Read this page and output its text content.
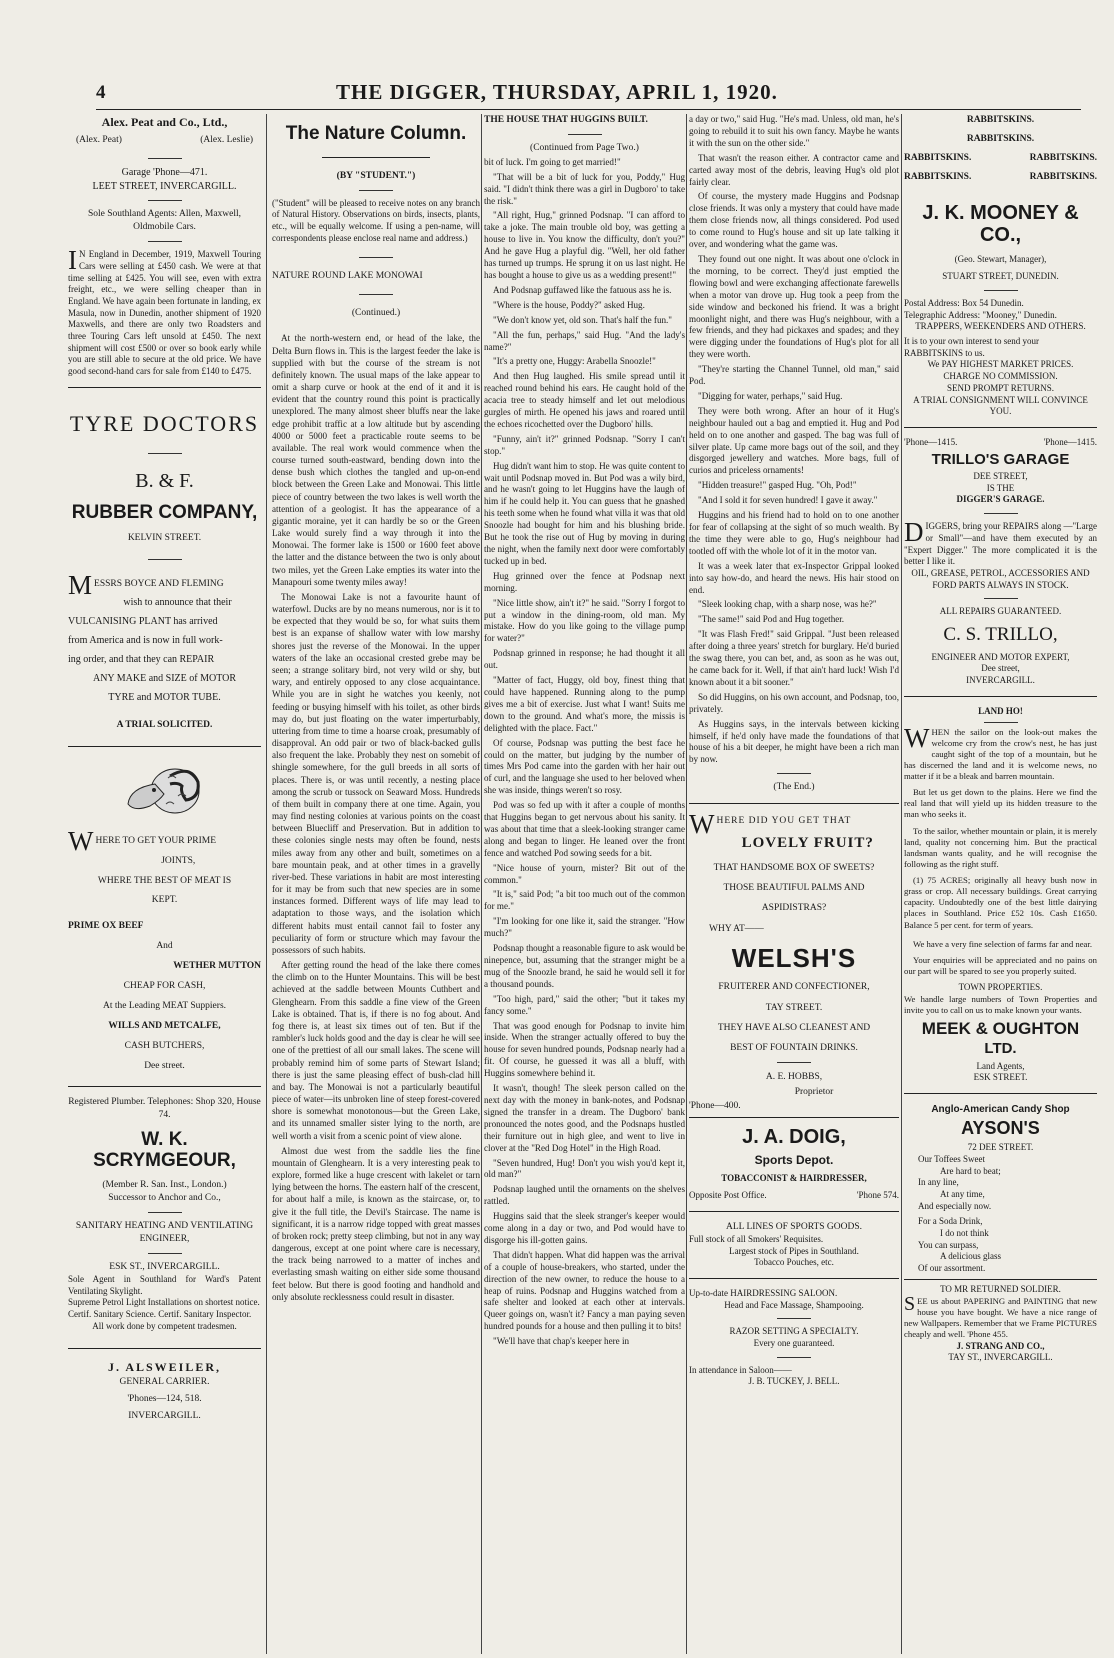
4	THE DIGGER, THURSDAY, APRIL 1, 1920.
Alex. Peat and Co., Ltd.,
(Alex. Peat)	(Alex. Leslie)
Garage 'Phone—471.
LEET STREET, INVERCARGILL.
Sole Southland Agents: Allen, Maxwell, Oldmobile Cars.
I N England in December, 1919, Maxwell Touring Cars were selling at £450 cash. We were at that time selling at £425. You will see, even with extra freight, etc., we were selling cheaper than in England. We have again been fortunate in landing, ex Masula, now in Dunedin, another shipment of 1920 Maxwells, and there are only two Roadsters and three Touring Cars left unsold at £450. The next shipment will cost £500 or over so book early while you are still able to secure at the old price. We have good second-hand cars for sale from £140 to £475.
TYRE DOCTORS
B. & F.
RUBBER COMPANY,
KELVIN STREET.
MESSRS BOYCE AND FLEMING
wish to announce that their
VULCANISING PLANT has arrived
from America and is now in full work-
ing order, and that they can REPAIR
ANY MAKE and SIZE of MOTOR
TYRE and MOTOR TUBE.
A TRIAL SOLICITED.
WHERE TO GET YOUR PRIME
JOINTS,
WHERE THE BEST OF MEAT IS
KEPT.
PRIME OX BEEF
And
WETHER MUTTON
CHEAP FOR CASH,
At the Leading MEAT Suppiers.
WILLS AND METCALFE,
CASH BUTCHERS,
Dee street.
Registered Plumber. Telephones: Shop 320, House 74.
W. K. SCRYMGEOUR,
(Member R. San. Inst., London.)
Successor to Anchor and Co.,
SANITARY HEATING AND VENTILATING ENGINEER,
ESK ST., INVERCARGILL.
Sole Agent in Southland for Ward's Patent Ventilating Skylight.
Supreme Petrol Light Installations on shortest notice.
Certif. Sanitary Science. Certif. Sanitary Inspector.
All work done by competent tradesmen.
J. ALSWEILER,
GENERAL CARRIER.
'Phones—124, 518.
INVERCARGILL.
The Nature Column.
(BY "STUDENT.")
("Student" will be pleased to receive notes on any branch of Natural History. Observations on birds, insects, plants, etc., will be equally welcome. If using a pen-name, will correspondents please enclose real name and address.)
NATURE ROUND LAKE MONOWAI
(Continued.)

At the north-western end, or head of the lake, the Delta Burn flows in. This is the largest feeder the lake is supplied with but the course of the stream is not definitely known. The usual maps of the lake appear to omit a sharp curve or hook at the end of it and it is evident that the country round this point is practically unexplored. The many almost sheer bluffs near the lake edge prohibit traffic at a low altitude but by ascending 4000 or 5000 feet a practicable route seems to be available. The real work would commence when the course turned south-eastward, bending down into the dense bush which clothes the tangled and up-on-end block between the Green Lake and Monowai. This little piece of country between the two lakes is well worth the attention of a geologist. It has the appearance of a gigantic moraine, yet it can hardly be so or the Green Lake would surely find a way through it into the Monowai. The former lake is 1500 or 1600 feet above the latter and the distance between the two is only about two miles, yet the Green Lake empties its water into the Manapouri some twenty miles away!

The Monowai Lake is not a favourite haunt of waterfowl. Ducks are by no means numerous, nor is it to be expected that they would be so, for what suits them best is an expanse of shallow water with low marshy shores just the reverse of the Monowai. In the upper waters of the lake an occasional crested grebe may be seen; a strange solitary bird, not very wild or shy, but wary, and entirely opposed to any close acquaintance. While you are in sight he watches you keenly, not feeding or busying himself with his toilet, as other birds may do, but just floating on the water imperturbably, uttering from time to time a hoarse croak, presumably of disapproval. An odd pair or two of black-backed gulls also frequent the lake. Probably they nest on somebit of shingle somewhere, for the gull breeds in all sorts of places. There is, or was until recently, a nesting place among the scrub or tussock on Seaward Moss. Hundreds of them built in company there at one time. Again, you may find nesting colonies at various points on the coast between Bluecliff and Preservation. But in addition to these colonies single nests may often be found, nests miles away from any other and built, sometimes on a bare mountain peak, and at other times in a gravelly river-bed. These variations in habit are most interesting for it may be from such that new species are in some instances formed. Different ways of life may lead to adaptation to those ways, and the isolation which different habits must entail cannot fail to foster any peculiarity of form or structure which may favour the possessors of such habits.

After getting round the head of the lake there comes the climb on to the Hunter Mountains. This will be best achieved at the saddle between Mounts Cuthbert and Glenghearn. From this saddle a fine view of the Green Lake is obtained. That is, if there is no fog about. And fog there is, at least six times out of ten. But if the rambler's luck holds good and the day is clear he will see one of the prettiest of all our small lakes. The scene will probably remind him of some parts of Stewart Island; there is just the same pleasing effect of bush-clad hill and bay. The Monowai is not a particularly beautiful piece of water—its unbroken line of steep forest-covered shore is somewhat monotonous—but the Green Lake, and its unnamed smaller sister lying to the north, are well worth a visit from a scenic point of view alone.

Almost due west from the saddle lies the fine mountain of Glenghearn. It is a very interesting peak to explore, formed like a huge crescent with lakelet or tarn lying between the horns. The eastern half of the crescent, for about half a mile, is known as the staircase, or, to give it the full title, the Devil's Staircase. The name is significant, it is a narrow ridge topped with great masses of broken rock; pretty steep climbing, but not in any way dangerous, except at one point where care is necessary, the track being narrowed to a matter of inches and everlasting smash waiting on either side some thousand feet below. But there is good footing and handhold and only absolute recklessness could result in disaster.

THE HOUSE THAT HUGGINS BUILT.
(Continued from Page Two.)

bit of luck. I'm going to get married!"

"That will be a bit of luck for you, Poddy," Hug said. "I didn't think there was a girl in Dugboro' to take the risk."

"All right, Hug," grinned Podsnap. "I can afford to take a joke. The main trouble old boy, was getting a house to live in. You know the difficulty, don't you?" And he gave Hug a playful dig. "Well, her old father has turned up trumps. He sprung it on us last night. He has bought a house to give us as a wedding present!"

And Podsnap guffawed like the fatuous ass he is.

"Where is the house, Poddy?" asked Hug.

"We don't know yet, old son. That's half the fun."

"All the fun, perhaps," said Hug. "And the lady's name?"

"It's a pretty one, Huggy: Arabella Snoozle!"

And then Hug laughed. His smile spread until it reached round behind his ears. He caught hold of the acacia tree to steady himself and let out melodious gurgles of mirth. He opened his jaws and roared until the echoes ricochetted over the Dugboro' hills.

"Funny, ain't it?" grinned Podsnap. "Sorry I can't stop."

Hug didn't want him to stop. He was quite content to wait until Podsnap moved in. But Pod was a wily bird, and he wasn't going to let Huggins have the laugh of him if he could help it. You can guess that he gnashed his teeth some when he found what villa it was that old Snoozle had bought for him and his blushing bride. But he took the rise out of Hug by moving in during the night, when the family next door were comfortably tucked up in bed.

Hug grinned over the fence at Podsnap next morning.

"Nice little show, ain't it?" he said. "Sorry I forgot to put a window in the dining-room, old man. My mistake. How do you like going to the village pump for water?"

Podsnap grinned in response; he had thought it all out.

"Matter of fact, Huggy, old boy, finest thing that could have happened. Running along to the pump gives me a bit of exercise. Just what I want! Suits me down to the ground. And what's more, the missis is delighted with the place. Fact."

Of course, Podsnap was putting the best face he could on the matter, but judging by the number of times Mrs Pod came into the garden with her hair out of curl, and the language she used to her beloved when she was inside, things weren't so rosy.

Pod was so fed up with it after a couple of months that Huggins began to get nervous about his sanity. It was about that time that a sleek-looking stranger came along and began to linger. He leaned over the front fence and watched Pod sowing seeds for a bit.

"Nice house of yourn, mister? Bit out of the common."

"It is," said Pod; "a bit too much out of the common for me."

"I'm looking for one like it, said the stranger. "How much?"

Podsnap thought a reasonable figure to ask would be ninepence, but, assuming that the stranger might be a mug of the Snoozle brand, he said he would sell it for a thousand pounds.

"Too high, pard," said the other; "but it takes my fancy some."

That was good enough for Podsnap to invite him inside. When the stranger actually offered to buy the house for seven hundred pounds, Podsnap nearly had a fit. Of course, he guessed it was all a bluff, with Huggins somewhere behind it.

It wasn't, though! The sleek person called on the next day with the money in bank-notes, and Podsnap signed the transfer in a dream. The Dugboro' bank pronounced the notes good, and the Podsnaps hustled their furniture out in high glee, and went to live in clover at the "Red Dog Hotel" in the High Road.

"Seven hundred, Hug! Don't you wish you'd kept it, old man?"

Podsnap laughed until the ornaments on the shelves rattled.

Huggins said that the sleek stranger's keeper would come along in a day or two, and Pod would have to disgorge his ill-gotten gains.

That didn't happen. What did happen was the arrival of a couple of house-breakers, who started, under the direction of the new owner, to reduce the house to a heap of ruins. Podsnap and Huggins watched from a safe shelter and looked at each other at intervals. Queer goings on, wasn't it? Fancy a man paying seven hundred pounds for a house and then pulling it to bits!

"We'll have that chap's keeper here in

a day or two," said Hug. "He's mad. Unless, old man, he's going to rebuild it to suit his own fancy. Maybe he wants it with the sun on the other side."

That wasn't the reason either. A contractor came and carted away most of the debris, leaving Hug's old plot fairly clear.

Of course, the mystery made Huggins and Podsnap close friends. It was only a mystery that could have made them close friends now, all things considered. Pod used to come round to Hug's house and sit up late talking it over, and wondering what the game was.

They found out one night. It was about one o'clock in the morning, to be correct. They'd just emptied the flowing bowl and were exchanging affectionate farewells when a motor van drove up. Hug took a peep from the side window and beckoned his friend. It was a bright moonlight night, and there was Hug's neighbour, with a few friends, and they had pickaxes and spades; and they were digging under the foundations of Hug's plot for all they were worth.

"They're starting the Channel Tunnel, old man," said Pod.

"Digging for water, perhaps," said Hug.

They were both wrong. After an hour of it Hug's neighbour hauled out a bag and emptied it. Hug and Pod held on to one another and gasped. The bag was full of silver plate. Up came more bags out of the soil, and they disgorged jewellery and watches. More bags, full of curios and priceless ornaments!

"Hidden treasure!" gasped Hug. "Oh, Pod!"

"And I sold it for seven hundred! I gave it away."

Huggins and his friend had to hold on to one another for fear of collapsing at the sight of so much wealth. By the time they were able to go, Hug's neighbour had tootled off with the whole lot of it in the motor van.

It was a week later that ex-Inspector Grippal looked into say how-do, and heard the news. His hair stood on end.

"Sleek looking chap, with a sharp nose, was he?"

"The same!" said Pod and Hug together.

"It was Flash Fred!" said Grippal. "Just been released after doing a three years' stretch for burglary. He'd buried the swag there, you can bet, and, as soon as he was out, he came back for it. Well, if that ain't hard luck! Wish I'd known about it a bit sooner."

So did Huggins, on his own account, and Podsnap, too, privately.

As Huggins says, in the intervals between kicking himself, if he'd only have made the foundations of that house of his a bit deeper, he might have been a rich man by now.

(The End.)
WHERE DID YOU GET THAT
LOVELY FRUIT?
THAT HANDSOME BOX OF SWEETS?
THOSE BEAUTIFUL PALMS AND
ASPIDISTRAS?
WHY AT——
WELSH'S
FRUITERER AND CONFECTIONER,
TAY STREET.
THEY HAVE ALSO CLEANEST AND
BEST OF FOUNTAIN DRINKS.
A. E. HOBBS,
Proprietor
'Phone—400.
J. A. DOIG,
Sports Depot.
TOBACCONIST & HAIRDRESSER,
Opposite Post Office.	'Phone 574.
ALL LINES OF SPORTS GOODS.
Full stock of all Smokers' Requisites.
Largest stock of Pipes in Southland.
Tobacco Pouches, etc.
Up-to-date HAIRDRESSING SALOON.
Head and Face Massage, Shampooing.
RAZOR SETTING A SPECIALTY.
Every one guaranteed.
In attendance in Saloon——
J. B. TUCKEY, J. BELL.
RABBITSKINS.
RABBITSKINS.
RABBITSKINS.	RABBITSKINS.
RABBITSKINS.	RABBITSKINS.
J. K. MOONEY & CO.,
(Geo. Stewart, Manager),
STUART STREET, DUNEDIN.
Postal Address: Box 54 Dunedin.
Telegraphic Address: "Mooney," Dunedin.
TRAPPERS, WEEKENDERS AND OTHERS.
It is to your own interest to send your RABBITSKINS to us.
We PAY HIGHEST MARKET PRICES.
CHARGE NO COMMISSION.
SEND PROMPT RETURNS.
A TRIAL CONSIGNMENT WILL CONVINCE YOU.
'Phone—1415.	'Phone—1415.
TRILLO'S GARAGE
DEE STREET,
IS THE
DIGGER'S GARAGE.
DIGGERS, bring your REPAIRS along —"Large or Small"—and have them executed by an "Expert Digger." The more complicated it is the better I like it.
OIL, GREASE, PETROL, ACCESSORIES AND FORD PARTS ALWAYS IN STOCK.
ALL REPAIRS GUARANTEED.
C. S. TRILLO,
ENGINEER AND MOTOR EXPERT,
Dee street,
INVERCARGILL.
LAND HO!
WHEN the sailor on the look-out makes the welcome cry from the crow's nest, he has just caught sight of the top of a mountain, but he has discerned the land and it is welcome news, no matter if it be a bleak and barren mountain.

But let us get down to the plains. Here we find the real land that will yield up its hidden treasure to the man who seeks it.

To the sailor, whether mountain or plain, it is merely land, quality not concerning him. But the practical landsman wants quality, and he will recognise the following as the right stuff.

(1) 75 ACRES; originally all heavy bush now in grass or crop. All necessary buildings. Great carrying capacity. Undoubtedly one of the best little dairying places in Southland. Price £52 10s. Cash £1650. Balance 5 per cent. for term of years.

We have a very fine selection of farms far and near.

Your enquiries will be appreciated and no pains on our part will be spared to see you properly suited.

TOWN PROPERTIES.
We handle large numbers of Town Properties and invite you to call on us to make known your wants.
MEEK & OUGHTON
LTD.
Land Agents,
ESK STREET.
Anglo-American Candy Shop
AYSON'S
72 DEE STREET.
Our Toffees Sweet
Are hard to beat;
In any line,
At any time,
And especially now.
For a Soda Drink,
I do not think
You can surpass,
A delicious glass
Of our assortment.
TO MR RETURNED SOLDIER.
SEE us about PAPERING and PAINTING that new house you have bought. We have a nice range of new Wallpapers. Remember that we Frame PICTURES cheaply and well. 'Phone 455.
J. STRANG AND CO.,
TAY ST., INVERCARGILL.
